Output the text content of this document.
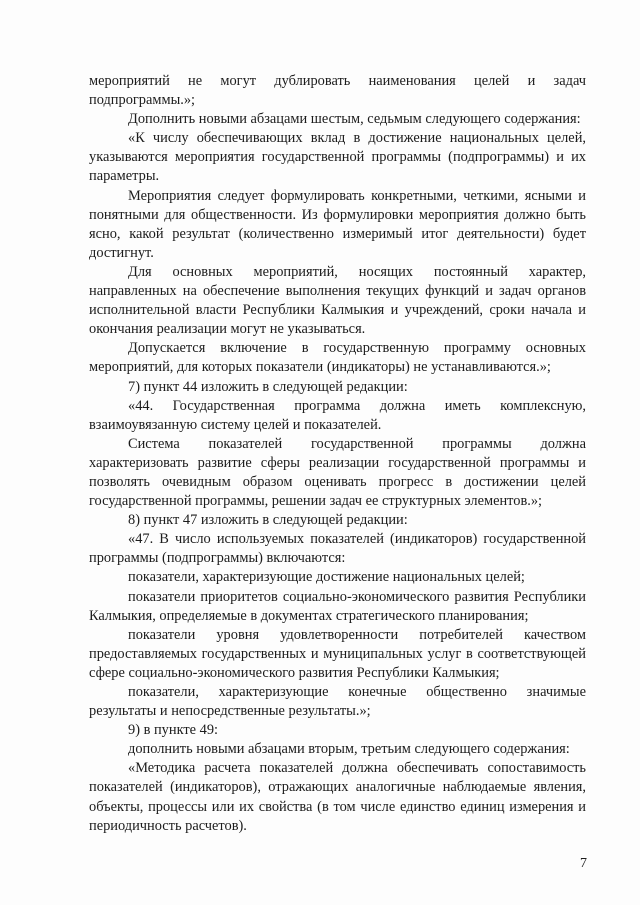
мероприятий не могут дублировать наименования целей и задач подпрограммы.»;

Дополнить новыми абзацами шестым, седьмым следующего содержания:

«К числу обеспечивающих вклад в достижение национальных целей, указываются мероприятия государственной программы (подпрограммы) и их параметры.

Мероприятия следует формулировать конкретными, четкими, ясными и понятными для общественности. Из формулировки мероприятия должно быть ясно, какой результат (количественно измеримый итог деятельности) будет достигнут.

Для основных мероприятий, носящих постоянный характер, направленных на обеспечение выполнения текущих функций и задач органов исполнительной власти Республики Калмыкия и учреждений, сроки начала и окончания реализации могут не указываться.

Допускается включение в государственную программу основных мероприятий, для которых показатели (индикаторы) не устанавливаются.»;

7) пункт 44 изложить в следующей редакции:

«44. Государственная программа должна иметь комплексную, взаимоувязанную систему целей и показателей.

Система показателей государственной программы должна характеризовать развитие сферы реализации государственной программы и позволять очевидным образом оценивать прогресс в достижении целей государственной программы, решении задач ее структурных элементов.»;

8) пункт 47 изложить в следующей редакции:

«47. В число используемых показателей (индикаторов) государственной программы (подпрограммы) включаются:

показатели, характеризующие достижение национальных целей;

показатели приоритетов социально-экономического развития Республики Калмыкия, определяемые в документах стратегического планирования;

показатели уровня удовлетворенности потребителей качеством предоставляемых государственных и муниципальных услуг в соответствующей сфере социально-экономического развития Республики Калмыкия;

показатели, характеризующие конечные общественно значимые результаты и непосредственные результаты.»;

9) в пункте 49:

дополнить новыми абзацами вторым, третьим следующего содержания:

«Методика расчета показателей должна обеспечивать сопоставимость показателей (индикаторов), отражающих аналогичные наблюдаемые явления, объекты, процессы или их свойства (в том числе единство единиц измерения и периодичность расчетов).

7
